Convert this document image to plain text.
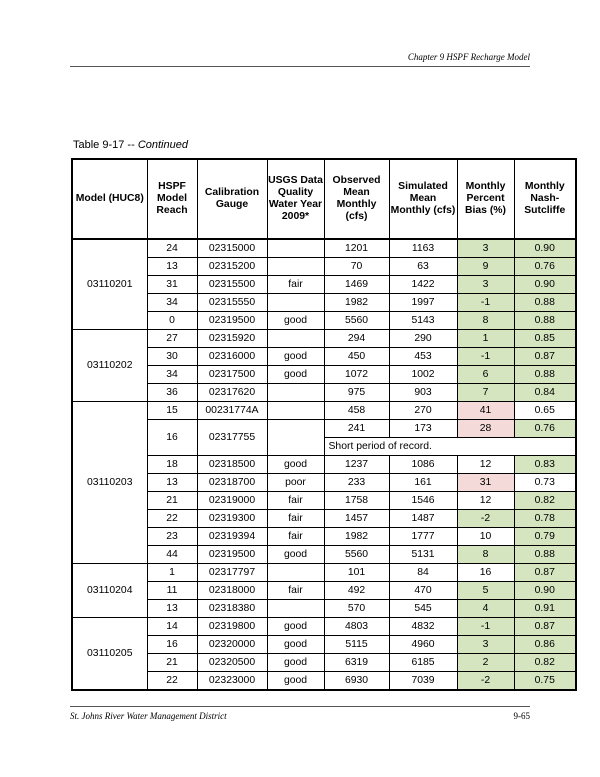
Chapter 9 HSPF Recharge Model
Table 9-17 -- Continued
Model (HUC8)	HSPF Model Reach	Calibration Gauge	USGS Data Quality Water Year 2009*	Observed Mean Monthly (cfs)	Simulated Mean Monthly (cfs)	Monthly Percent Bias (%)	Monthly Nash-Sutcliffe
03110201	24	02315000		1201	1163	3	0.90
	13	02315200		70	63	9	0.76
	31	02315500	fair	1469	1422	3	0.90
	34	02315550		1982	1997	-1	0.88
	0	02319500	good	5560	5143	8	0.88
03110202	27	02315920		294	290	1	0.85
	30	02316000	good	450	453	-1	0.87
	34	02317500	good	1072	1002	6	0.88
	36	02317620		975	903	7	0.84
03110203	15	00231774A		458	270	41	0.65
	16	02317755		241	173	28	0.76
				Short period of record.			
	18	02318500	good	1237	1086	12	0.83
	13	02318700	poor	233	161	31	0.73
	21	02319000	fair	1758	1546	12	0.82
	22	02319300	fair	1457	1487	-2	0.78
	23	02319394	fair	1982	1777	10	0.79
	44	02319500	good	5560	5131	8	0.88
03110204	1	02317797		101	84	16	0.87
	11	02318000	fair	492	470	5	0.90
	13	02318380		570	545	4	0.91
03110205	14	02319800	good	4803	4832	-1	0.87
	16	02320000	good	5115	4960	3	0.86
	21	02320500	good	6319	6185	2	0.82
	22	02323000	good	6930	7039	-2	0.75
St. Johns River Water Management District	9-65
